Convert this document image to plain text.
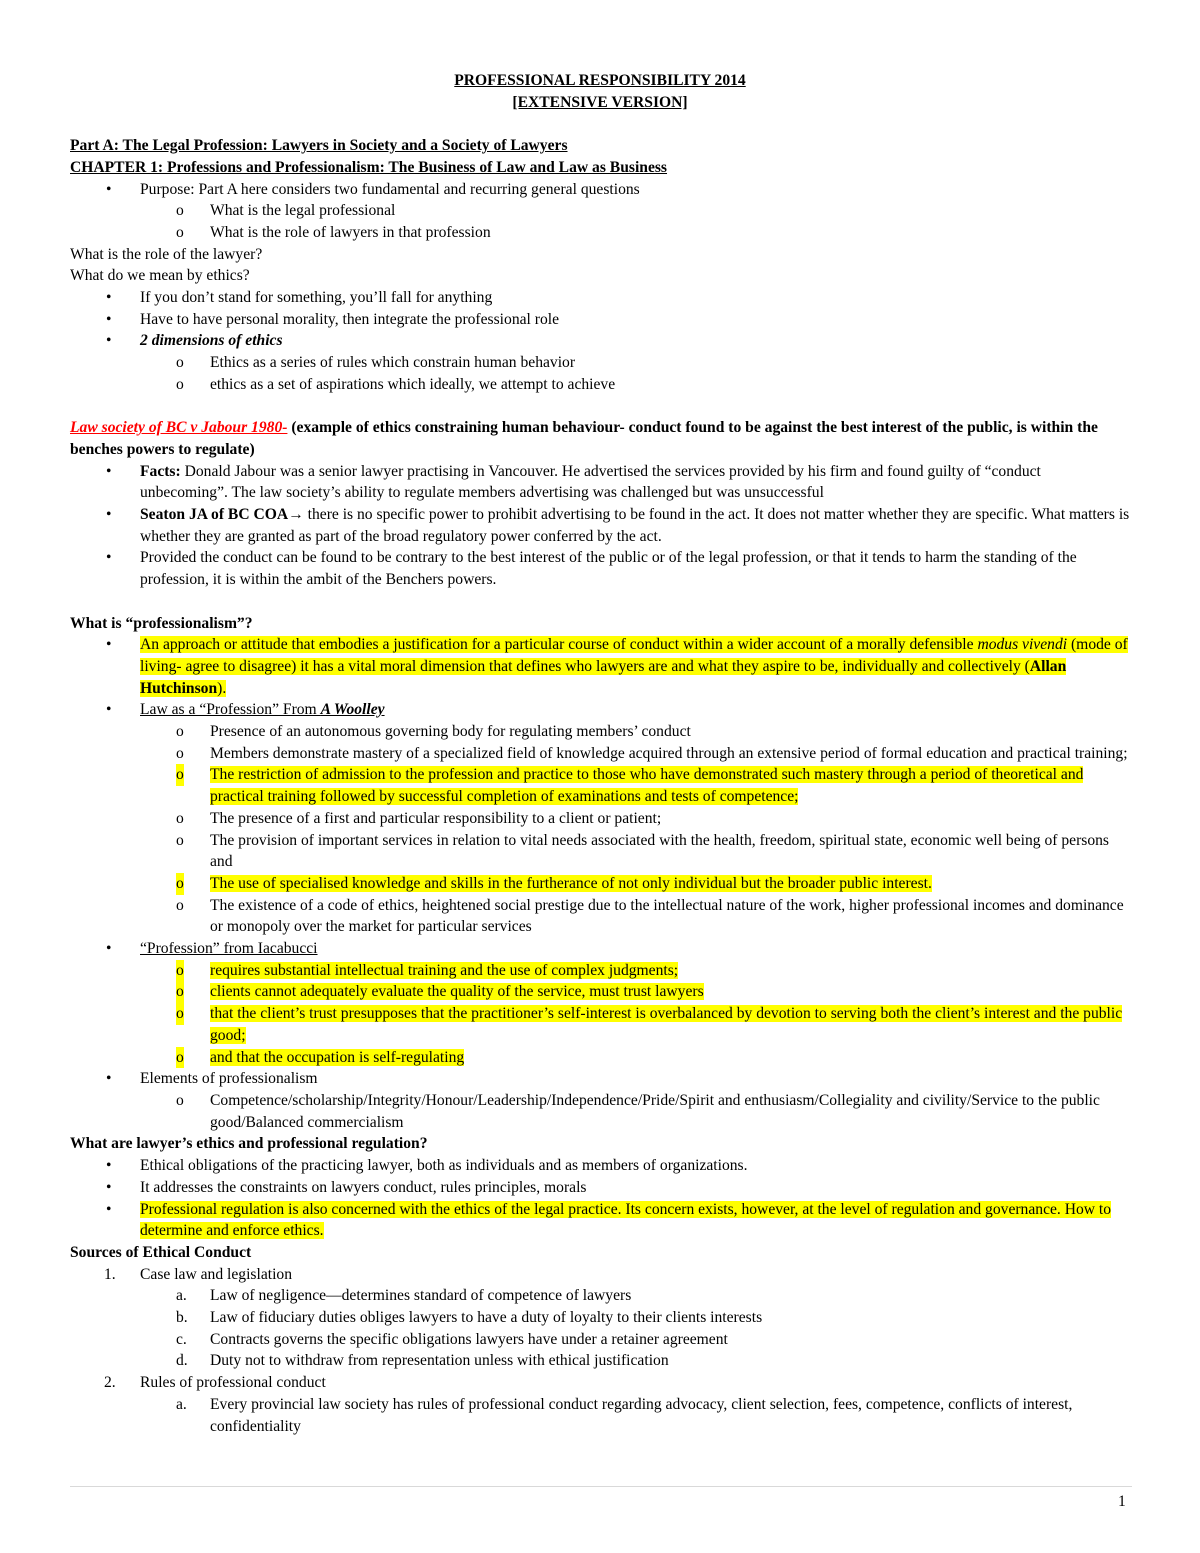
PROFESSIONAL RESPONSIBILITY 2014
[EXTENSIVE VERSION]
Part A: The Legal Profession: Lawyers in Society and a Society of Lawyers
CHAPTER 1: Professions and Professionalism: The Business of Law and Law as Business
• Purpose: Part A here considers two fundamental and recurring general questions
o What is the legal professional
o What is the role of lawyers in that profession
What is the role of the lawyer?
What do we mean by ethics?
• If you don’t stand for something, you’ll fall for anything
• Have to have personal morality, then integrate the professional role
• 2 dimensions of ethics
o Ethics as a series of rules which constrain human behavior
o ethics as a set of aspirations which ideally, we attempt to achieve
Law society of BC v Jabour 1980- (example of ethics constraining human behaviour- conduct found to be against the best interest of the public, is within the benches powers to regulate)
• Facts: Donald Jabour was a senior lawyer practising in Vancouver. He advertised the services provided by his firm and found guilty of “conduct unbecoming”. The law society’s ability to regulate members advertising was challenged but was unsuccessful
• Seaton JA of BC COA→ there is no specific power to prohibit advertising to be found in the act. It does not matter whether they are specific. What matters is whether they are granted as part of the broad regulatory power conferred by the act.
• Provided the conduct can be found to be contrary to the best interest of the public or of the legal profession, or that it tends to harm the standing of the profession, it is within the ambit of the Benchers powers.
What is “professionalism”?
• An approach or attitude that embodies a justification for a particular course of conduct within a wider account of a morally defensible modus vivendi (mode of living- agree to disagree) it has a vital moral dimension that defines who lawyers are and what they aspire to be, individually and collectively (Allan Hutchinson).
• Law as a “Profession” From A Woolley
o Presence of an autonomous governing body for regulating members’ conduct
o Members demonstrate mastery of a specialized field of knowledge acquired through an extensive period of formal education and practical training;
o The restriction of admission to the profession and practice to those who have demonstrated such mastery through a period of theoretical and practical training followed by successful completion of examinations and tests of competence;
o The presence of a first and particular responsibility to a client or patient;
o The provision of important services in relation to vital needs associated with the health, freedom, spiritual state, economic well being of persons and
o The use of specialised knowledge and skills in the furtherance of not only individual but the broader public interest.
o The existence of a code of ethics, heightened social prestige due to the intellectual nature of the work, higher professional incomes and dominance or monopoly over the market for particular services
• “Profession” from Iacabucci
o requires substantial intellectual training and the use of complex judgments;
o clients cannot adequately evaluate the quality of the service, must trust lawyers
o that the client’s trust presupposes that the practitioner’s self-interest is overbalanced by devotion to serving both the client’s interest and the public good;
o and that the occupation is self-regulating
• Elements of professionalism
o Competence/scholarship/Integrity/Honour/Leadership/Independence/Pride/Spirit and enthusiasm/Collegiality and civility/Service to the public good/Balanced commercialism
What are lawyer’s ethics and professional regulation?
• Ethical obligations of the practicing lawyer, both as individuals and as members of organizations.
• It addresses the constraints on lawyers conduct, rules principles, morals
• Professional regulation is also concerned with the ethics of the legal practice. Its concern exists, however, at the level of regulation and governance. How to determine and enforce ethics.
Sources of Ethical Conduct
1. Case law and legislation
a. Law of negligence—determines standard of competence of lawyers
b. Law of fiduciary duties obliges lawyers to have a duty of loyalty to their clients interests
c. Contracts governs the specific obligations lawyers have under a retainer agreement
d. Duty not to withdraw from representation unless with ethical justification
2. Rules of professional conduct
a. Every provincial law society has rules of professional conduct regarding advocacy, client selection, fees, competence, conflicts of interest, confidentiality
1
